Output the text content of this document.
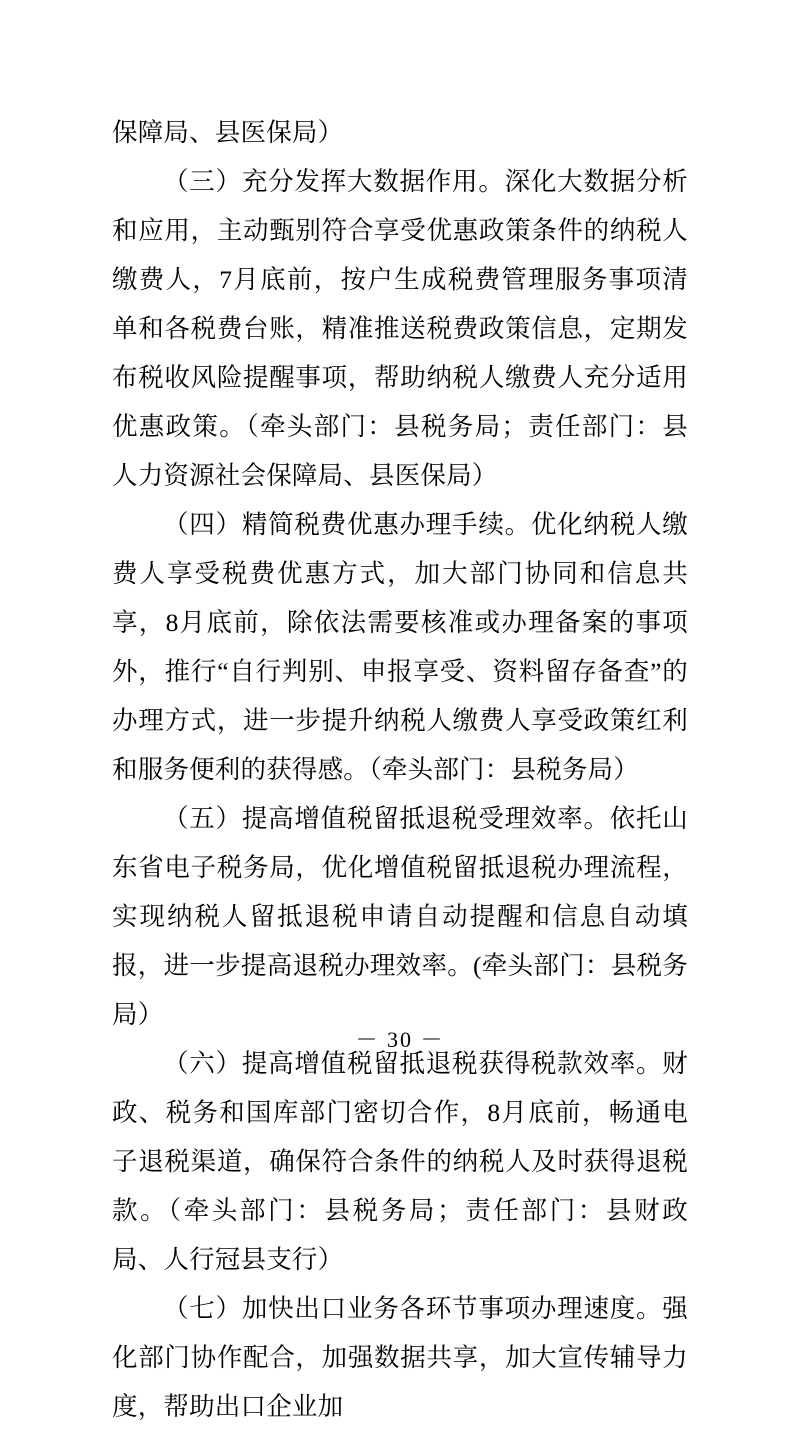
保障局、县医保局）

（三）充分发挥大数据作用。深化大数据分析和应用，主动甄别符合享受优惠政策条件的纳税人缴费人，7月底前，按户生成税费管理服务事项清单和各税费台账，精准推送税费政策信息，定期发布税收风险提醒事项，帮助纳税人缴费人充分适用优惠政策。（牵头部门：县税务局；责任部门：县人力资源社会保障局、县医保局）

（四）精简税费优惠办理手续。优化纳税人缴费人享受税费优惠方式，加大部门协同和信息共享，8月底前，除依法需要核准或办理备案的事项外，推行“自行判别、申报享受、资料留存备查”的办理方式，进一步提升纳税人缴费人享受政策红利和服务便利的获得感。（牵头部门：县税务局）

（五）提高增值税留抵退税受理效率。依托山东省电子税务局，优化增值税留抵退税办理流程，实现纳税人留抵退税申请自动提醒和信息自动填报，进一步提高退税办理效率。(牵头部门：县税务局）

（六）提高增值税留抵退税获得税款效率。财政、税务和国库部门密切合作，8月底前，畅通电子退税渠道，确保符合条件的纳税人及时获得退税款。（牵头部门：县税务局；责任部门：县财政局、人行冠县支行）

（七）加快出口业务各环节事项办理速度。强化部门协作配合，加强数据共享，加大宣传辅导力度，帮助出口企业加

－ 30 －
